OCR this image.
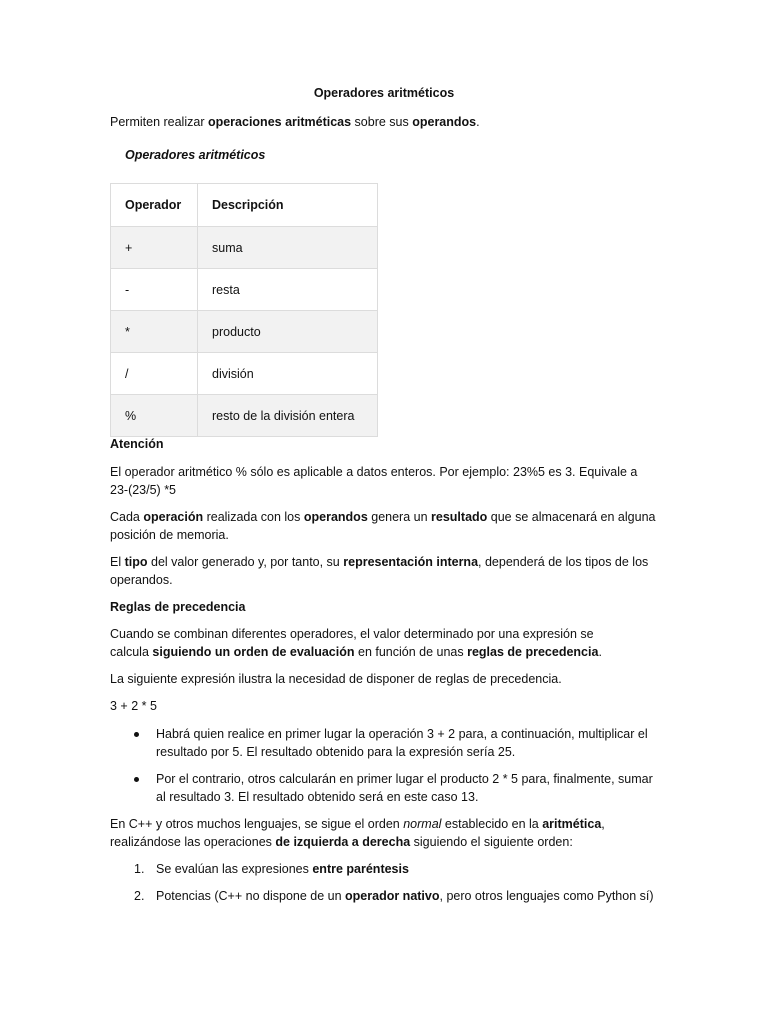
Operadores aritméticos
Permiten realizar operaciones aritméticas sobre sus operandos.
Operadores aritméticos
Operador	Descripción
+	suma
-	resta
*	producto
/	división
%	resto de la división entera
Atención
El operador aritmético % sólo es aplicable a datos enteros. Por ejemplo: 23%5 es 3. Equivale a 23-(23/5) *5
Cada operación realizada con los operandos genera un resultado que se almacenará en alguna posición de memoria.
El tipo del valor generado y, por tanto, su representación interna, dependerá de los tipos de los operandos.
Reglas de precedencia
Cuando se combinan diferentes operadores, el valor determinado por una expresión se calcula siguiendo un orden de evaluación en función de unas reglas de precedencia.
La siguiente expresión ilustra la necesidad de disponer de reglas de precedencia.
3 + 2 * 5
Habrá quien realice en primer lugar la operación 3 + 2 para, a continuación, multiplicar el resultado por 5. El resultado obtenido para la expresión sería 25.
Por el contrario, otros calcularán en primer lugar el producto 2 * 5 para, finalmente, sumar al resultado 3. El resultado obtenido será en este caso 13.
En C++ y otros muchos lenguajes, se sigue el orden normal establecido en la aritmética, realizándose las operaciones de izquierda a derecha siguiendo el siguiente orden:
1. Se evalúan las expresiones entre paréntesis
2. Potencias (C++ no dispone de un operador nativo, pero otros lenguajes como Python sí)
